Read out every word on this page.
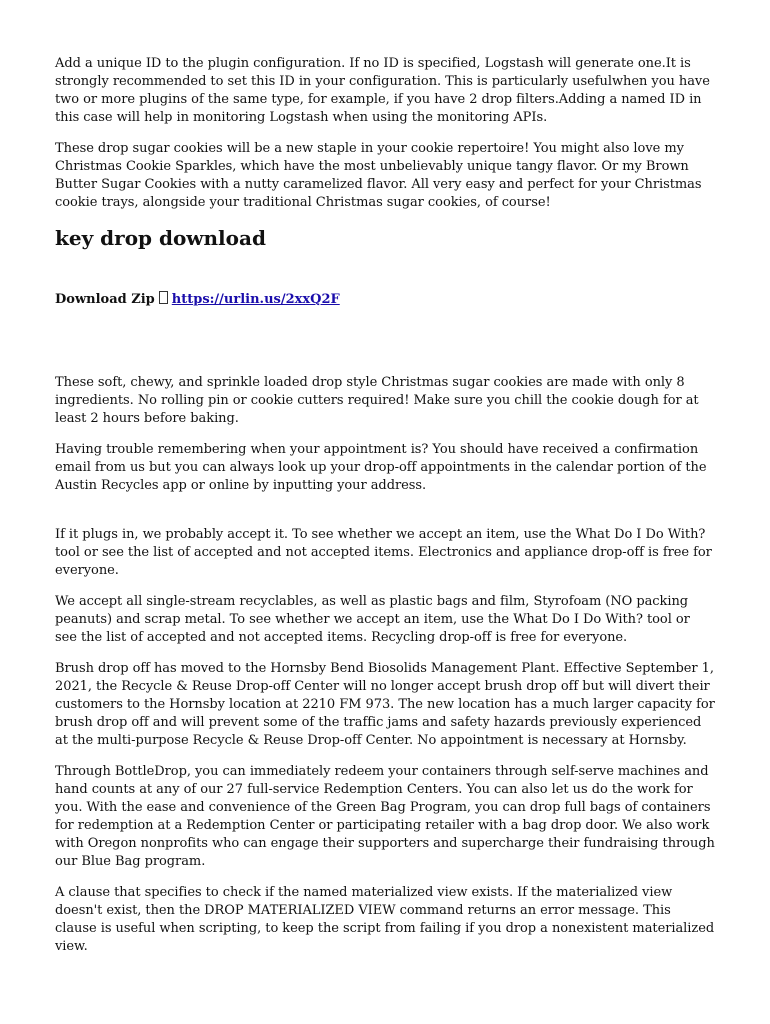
Add a unique ID to the plugin configuration. If no ID is specified, Logstash will generate one.It is strongly recommended to set this ID in your configuration. This is particularly usefulwhen you have two or more plugins of the same type, for example, if you have 2 drop filters.Adding a named ID in this case will help in monitoring Logstash when using the monitoring APIs.

These drop sugar cookies will be a new staple in your cookie repertoire! You might also love my Christmas Cookie Sparkles, which have the most unbelievably unique tangy flavor. Or my Brown Butter Sugar Cookies with a nutty caramelized flavor. All very easy and perfect for your Christmas cookie trays, alongside your traditional Christmas sugar cookies, of course!

key drop download
Download Zip https://urlin.us/2xxQ2F

These soft, chewy, and sprinkle loaded drop style Christmas sugar cookies are made with only 8 ingredients. No rolling pin or cookie cutters required! Make sure you chill the cookie dough for at least 2 hours before baking.

Having trouble remembering when your appointment is? You should have received a confirmation email from us but you can always look up your drop-off appointments in the calendar portion of the Austin Recycles app or online by inputting your address.

If it plugs in, we probably accept it. To see whether we accept an item, use the What Do I Do With? tool or see the list of accepted and not accepted items. Electronics and appliance drop-off is free for everyone.

We accept all single-stream recyclables, as well as plastic bags and film, Styrofoam (NO packing peanuts) and scrap metal. To see whether we accept an item, use the What Do I Do With? tool or see the list of accepted and not accepted items. Recycling drop-off is free for everyone.

Brush drop off has moved to the Hornsby Bend Biosolids Management Plant. Effective September 1, 2021, the Recycle & Reuse Drop-off Center will no longer accept brush drop off but will divert their customers to the Hornsby location at 2210 FM 973. The new location has a much larger capacity for brush drop off and will prevent some of the traffic jams and safety hazards previously experienced at the multi-purpose Recycle & Reuse Drop-off Center. No appointment is necessary at Hornsby.

Through BottleDrop, you can immediately redeem your containers through self-serve machines and hand counts at any of our 27 full-service Redemption Centers. You can also let us do the work for you. With the ease and convenience of the Green Bag Program, you can drop full bags of containers for redemption at a Redemption Center or participating retailer with a bag drop door. We also work with Oregon nonprofits who can engage their supporters and supercharge their fundraising through our Blue Bag program.

A clause that specifies to check if the named materialized view exists. If the materialized view doesn't exist, then the DROP MATERIALIZED VIEW command returns an error message. This clause is useful when scripting, to keep the script from failing if you drop a nonexistent materialized view.
